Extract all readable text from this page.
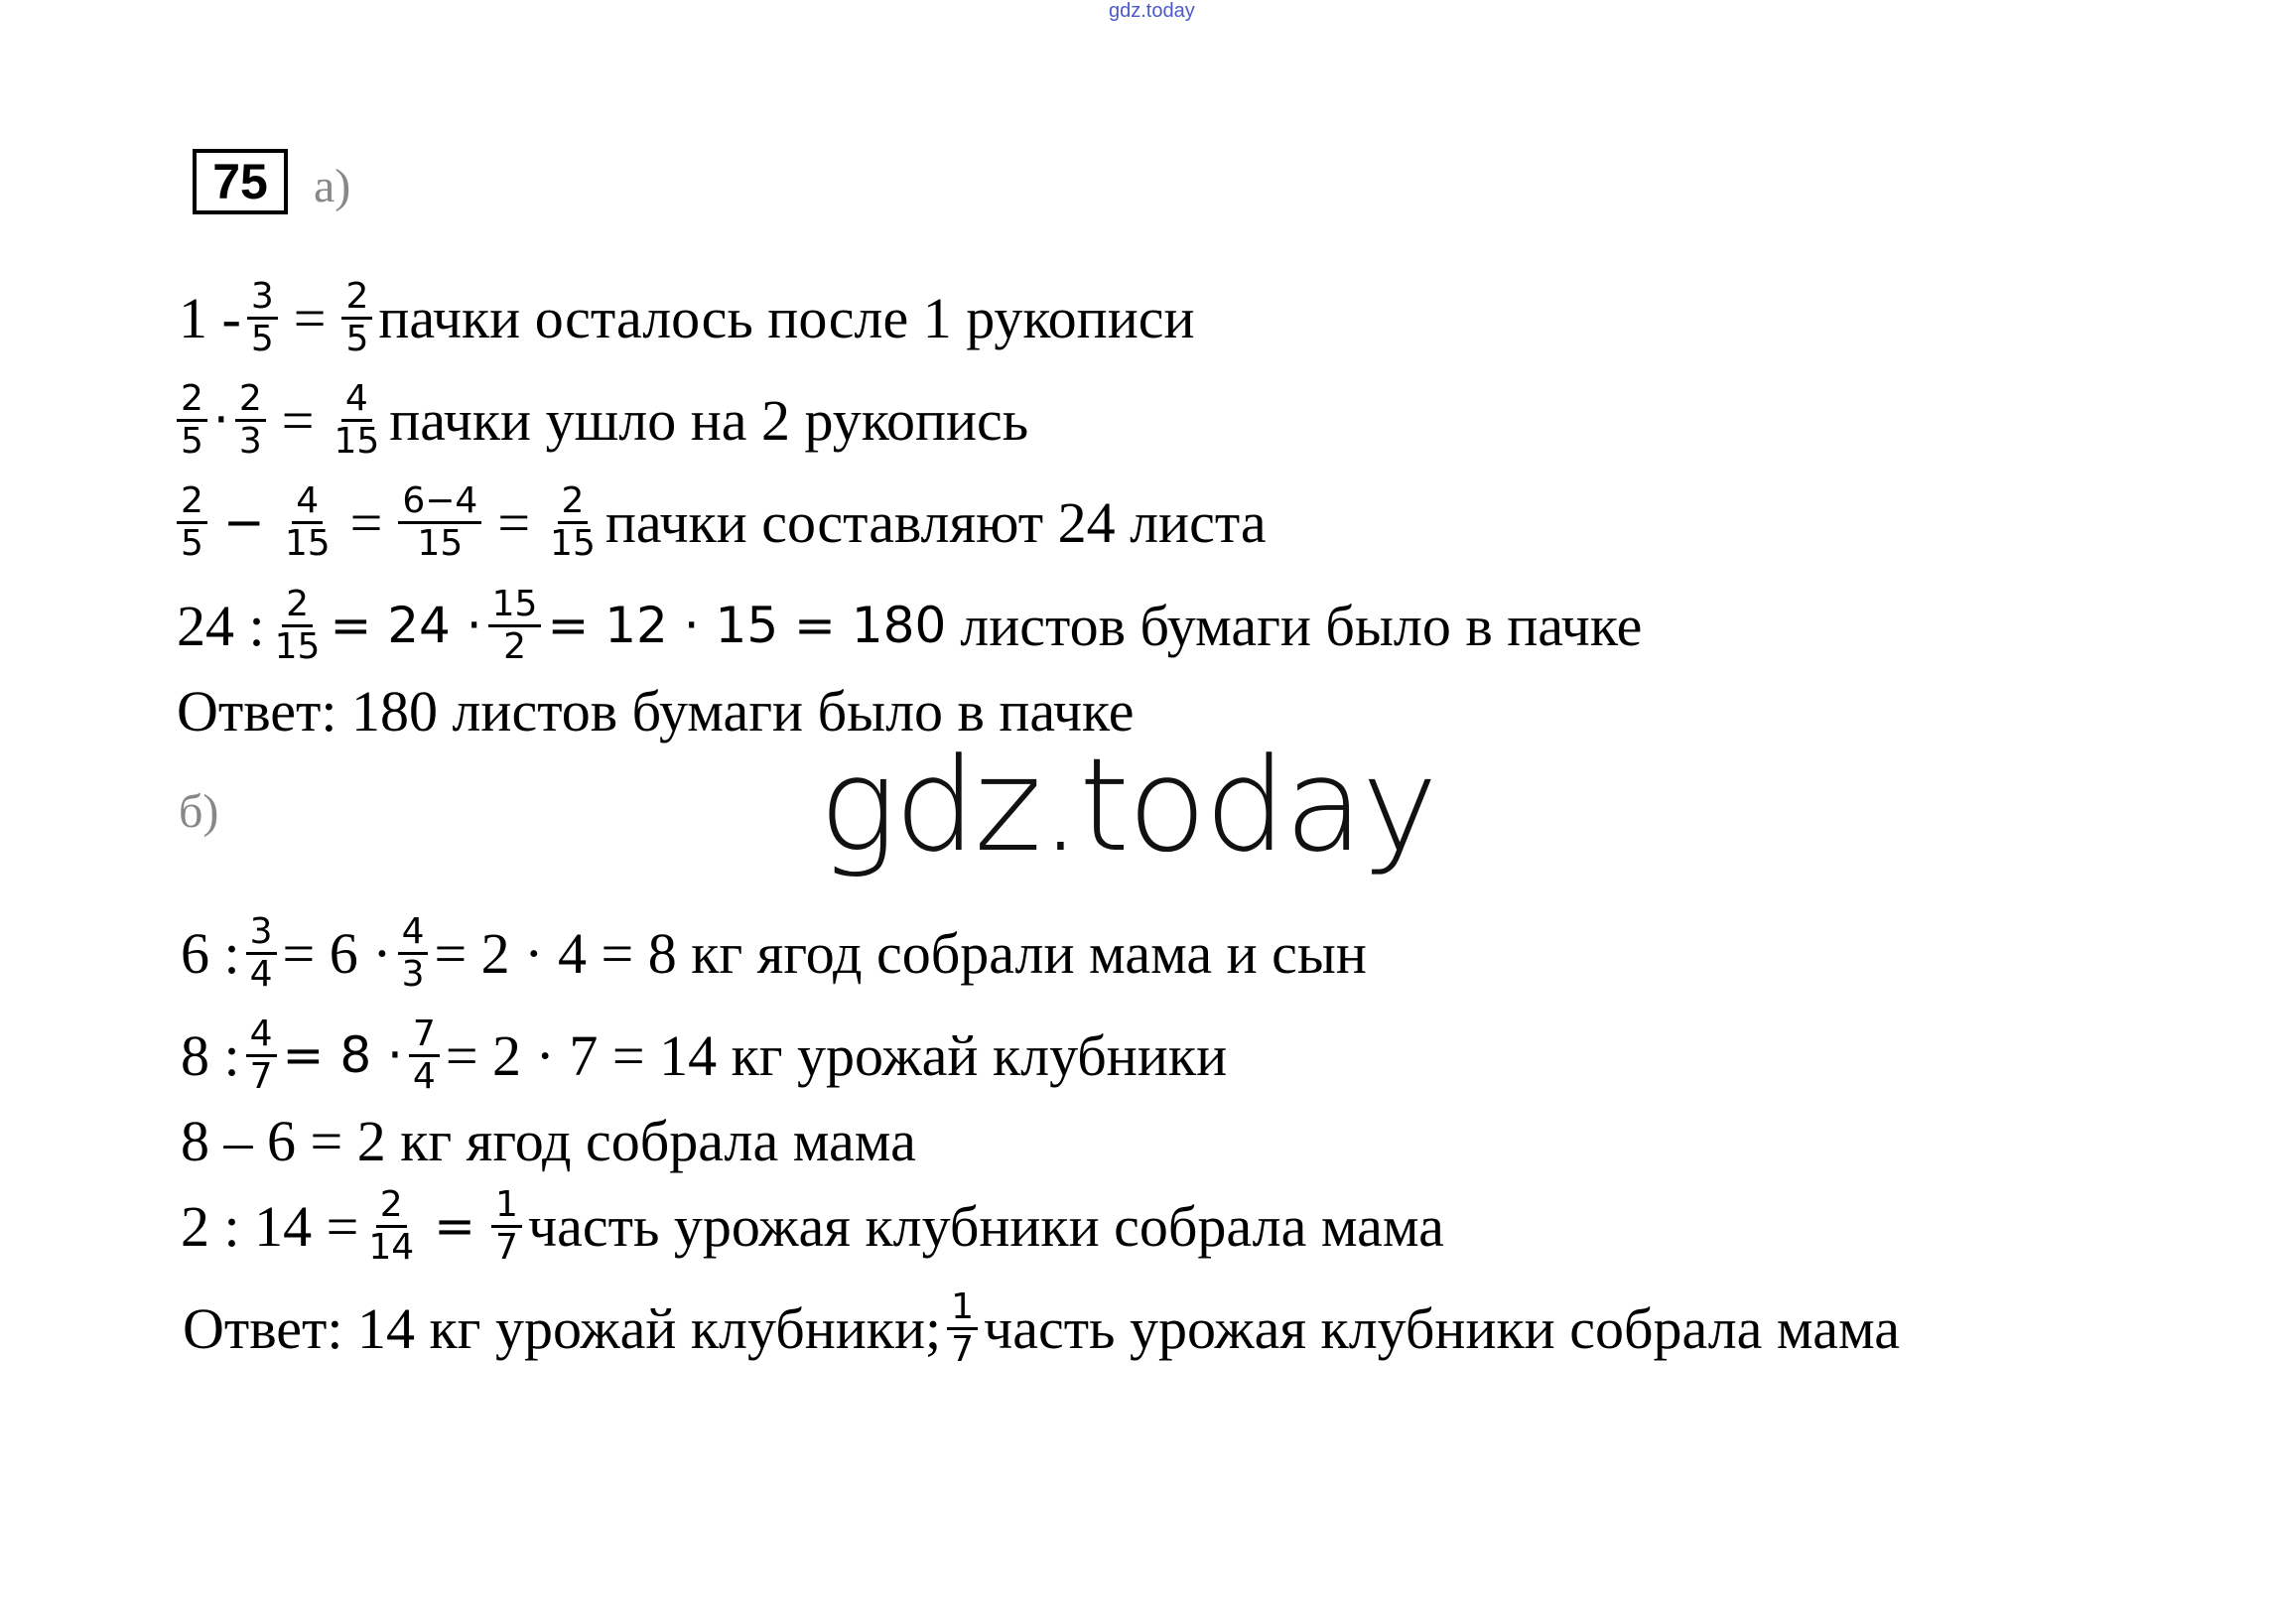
gdz.today
75 а)
$1 - \frac{3}{5} = \frac{2}{5}$ пачки осталось после 1 рукописи
$\frac{2}{5} \cdot \frac{2}{3} = \frac{4}{15}$ пачки ушло на 2 рукопись
$\frac{2}{5} - \frac{4}{15} = \frac{6-4}{15} = \frac{2}{15}$ пачки составляют 24 листа
24 : $\frac{2}{15} = 24 \cdot \frac{15}{2} = 12 \cdot 15 = 180$ листов бумаги было в пачке
Ответ: 180 листов бумаги было в пачке
gdz.today
б)
6 : $\frac{3}{4} = 6 \cdot \frac{4}{3} = 2 \cdot 4 = 8$ кг ягод собрали мама и сын
8 : $\frac{4}{7} = 8 \cdot \frac{7}{4} = 2 \cdot 7 = 14$ кг урожай клубники
8 – 6 = 2 кг ягод собрала мама
2 : $14 = \frac{2}{14} = \frac{1}{7}$ часть урожая клубники собрала мама
Ответ: 14 кг урожай клубники; $\frac{1}{7}$ часть урожая клубники собрала мама
